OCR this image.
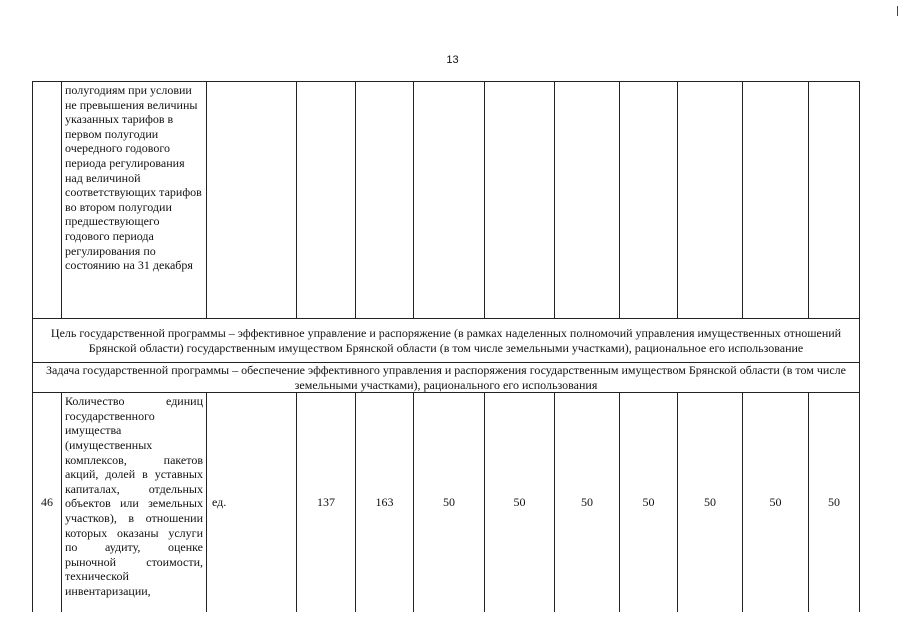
13
	полугодиям при условии не превышения величины указанных тарифов в первом полугодии очередного годового периода регулирования над величиной соответствующих тарифов во втором полугодии предшествующего годового периода регулирования по состоянию на 31 декабря										
Цель государственной программы – эффективное управление и распоряжение (в рамках наделенных полномочий управления имущественных отношений Брянской области) государственным имуществом Брянской области (в том числе земельными участками), рациональное его использование											
Задача государственной программы – обеспечение эффективного управления и распоряжения государственным имуществом Брянской области (в том числе земельными участками), рационального его использования											
46	Количество единиц государственного имущества (имущественных комплексов, пакетов акций, долей в уставных капиталах, отдельных объектов или земельных участков), в отношении которых оказаны услуги по аудиту, оценке рыночной стоимости, технической инвентаризации,	ед.	137	163	50	50	50	50	50	50	50
